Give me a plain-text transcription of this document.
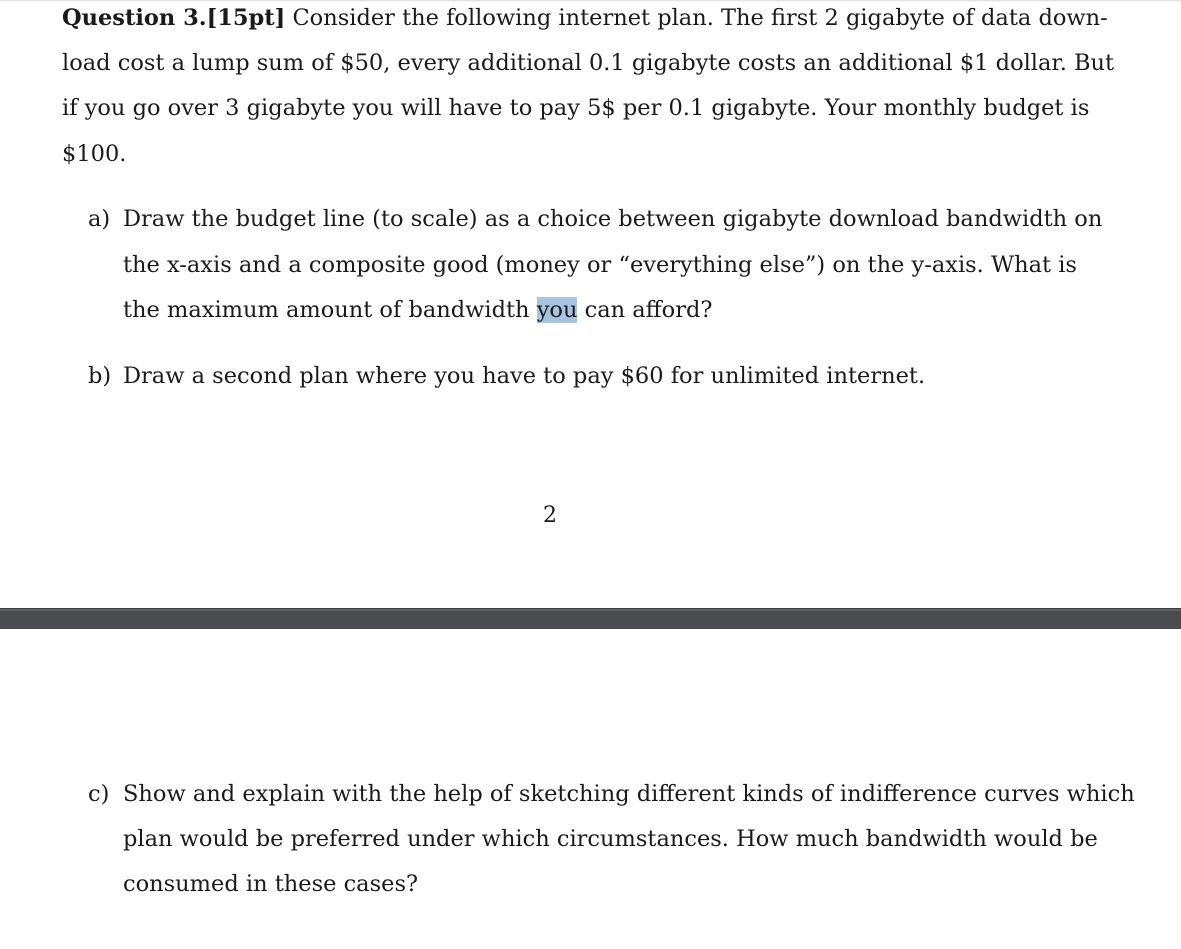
Question 3.[15pt] Consider the following internet plan. The first 2 gigabyte of data down-
load cost a lump sum of $50, every additional 0.1 gigabyte costs an additional $1 dollar. But
if you go over 3 gigabyte you will have to pay 5$ per 0.1 gigabyte. Your monthly budget is
$100.
a) Draw the budget line (to scale) as a choice between gigabyte download bandwidth on
the x-axis and a composite good (money or “everything else”) on the y-axis. What is
the maximum amount of bandwidth you can afford?
b) Draw a second plan where you have to pay $60 for unlimited internet.
2
c) Show and explain with the help of sketching different kinds of indifference curves which
plan would be preferred under which circumstances. How much bandwidth would be
consumed in these cases?
